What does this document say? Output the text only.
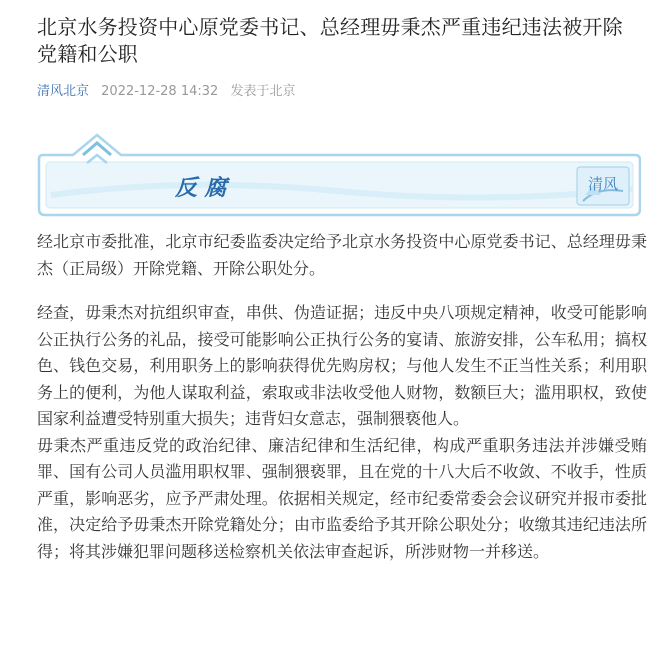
北京水务投资中心原党委书记、总经理毋秉杰严重违纪违法被开除党籍和公职
清风北京 2022-12-28 14:32 发表于北京
反 腐	清风

经北京市委批准，北京市纪委监委决定给予北京水务投资中心原党委书记、总经理毋秉杰（正局级）开除党籍、开除公职处分。

经查，毋秉杰对抗组织审查，串供、伪造证据；违反中央八项规定精神，收受可能影响公正执行公务的礼品，接受可能影响公正执行公务的宴请、旅游安排，公车私用；搞权色、钱色交易，利用职务上的影响获得优先购房权；与他人发生不正当性关系；利用职务上的便利，为他人谋取利益，索取或非法收受他人财物，数额巨大；滥用职权，致使国家利益遭受特别重大损失；违背妇女意志，强制猥亵他人。

毋秉杰严重违反党的政治纪律、廉洁纪律和生活纪律，构成严重职务违法并涉嫌受贿罪、国有公司人员滥用职权罪、强制猥亵罪，且在党的十八大后不收敛、不收手，性质严重，影响恶劣，应予严肃处理。依据相关规定，经市纪委常委会会议研究并报市委批准，决定给予毋秉杰开除党籍处分；由市监委给予其开除公职处分；收缴其违纪违法所得；将其涉嫌犯罪问题移送检察机关依法审查起诉，所涉财物一并移送。
